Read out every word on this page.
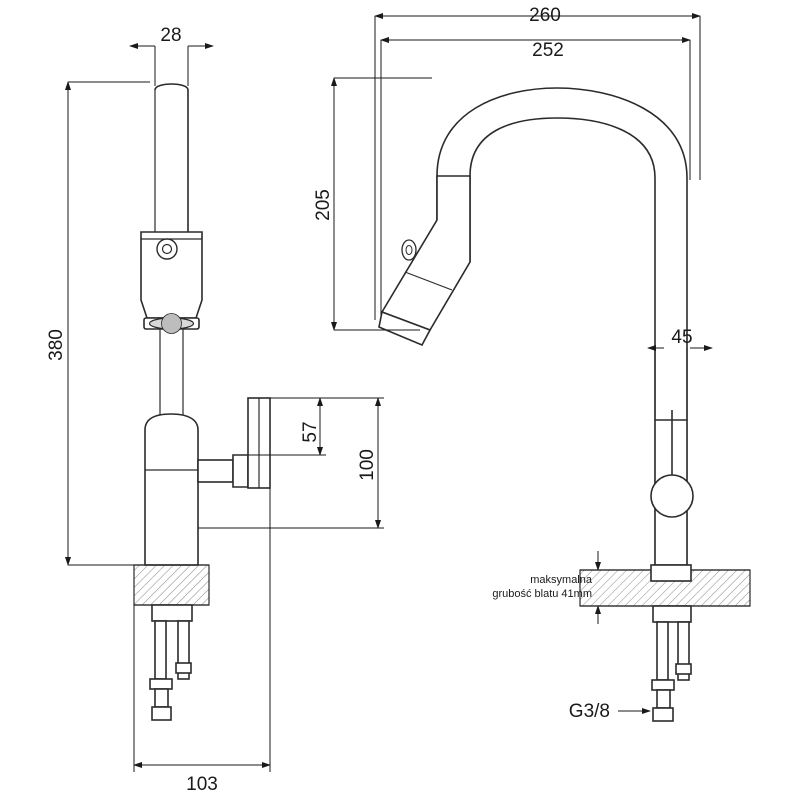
380
28
103
57
100
260
252
205
45
maksymalna
grubość blatu 41mm
G3/8
